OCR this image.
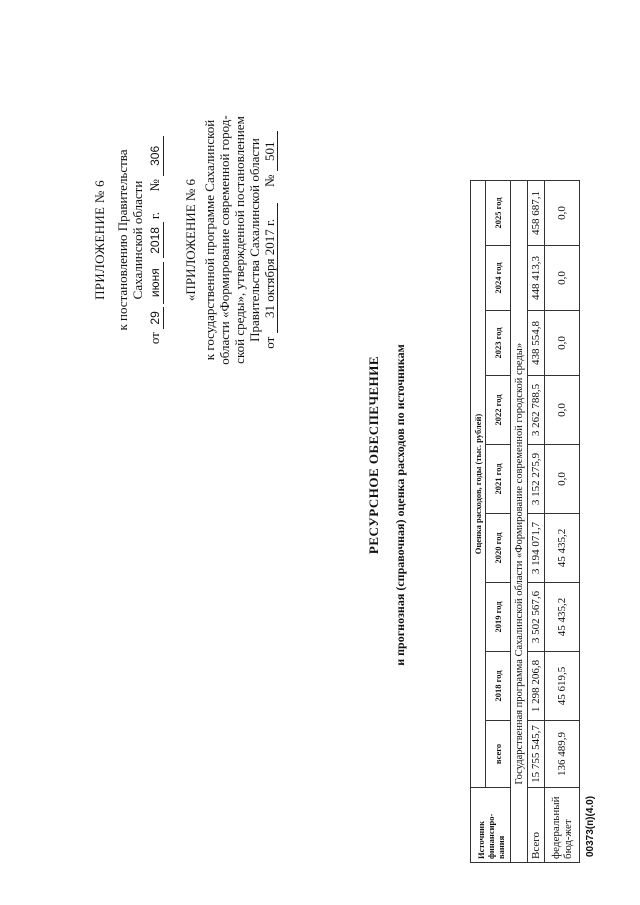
ПРИЛОЖЕНИЕ № 6 к постановлению Правительства Сахалинской области
от 29 июня 2018 г.  № 306
«ПРИЛОЖЕНИЕ № 6 к государственной программе Сахалинской области «Формирование современной город- ской среды», утвержденной постановлением Правительства Сахалинской области
от 31 октября 2017 г.  № 501
РЕСУРСНОЕ ОБЕСПЕЧЕНИЕ и прогнозная (справочная) оценка расходов по источникам
Источник финансиро-вания	Оценка расходов, годы (тыс. рублей)								
	всего	2018 год	2019 год	2020 год	2021 год	2022 год	2023 год	2024 год	2025 год
	Государственная программа Сахалинской области «Формирование современной городской среды»								
Всего	15 755 545,7	1 298 206,8	3 502 567,6	3 194 071,7	3 152 275,9	3 262 788,5	438 554,8	448 413,3	458 687,1
федеральный бюд-жет	136 489,9	45 619,5	45 435,2	45 435,2	0,0	0,0	0,0	0,0	0,0
00373(п)(4.0)
